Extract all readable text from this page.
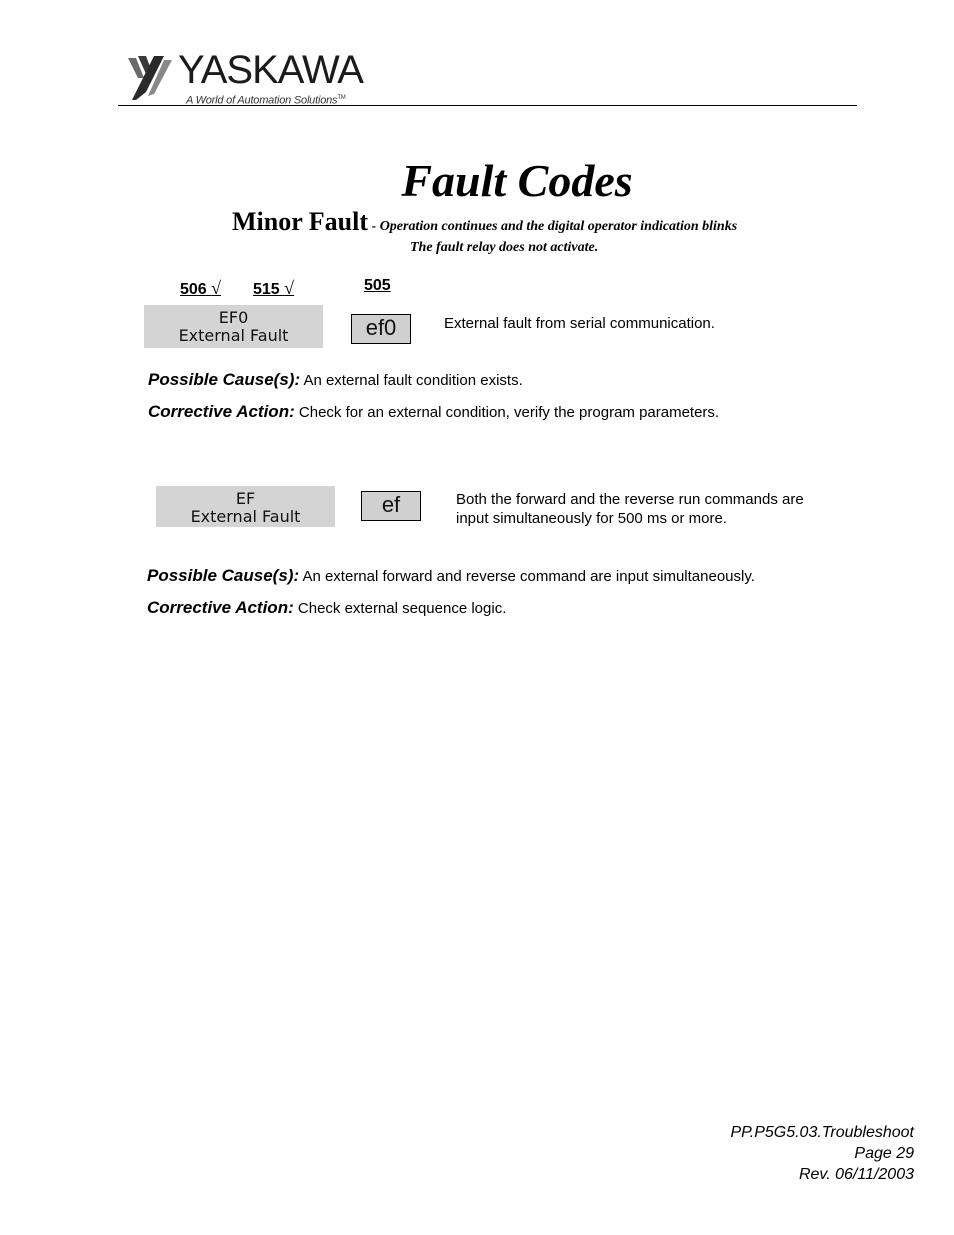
YASKAWA
A World of Automation Solutions™
Fault Codes
Minor Fault - Operation continues and the digital operator indication blinks
The fault relay does not activate.
506 √ 515 √	505
EF0
External Fault	ef0	External fault from serial communication.
Possible Cause(s): An external fault condition exists.
Corrective Action: Check for an external condition, verify the program parameters.
EF
External Fault	ef	Both the forward and the reverse run commands are
input simultaneously for 500 ms or more.
Possible Cause(s): An external forward and reverse command are input simultaneously.
Corrective Action: Check external sequence logic.
PP.P5G5.03.Troubleshoot
Page 29
Rev. 06/11/2003
